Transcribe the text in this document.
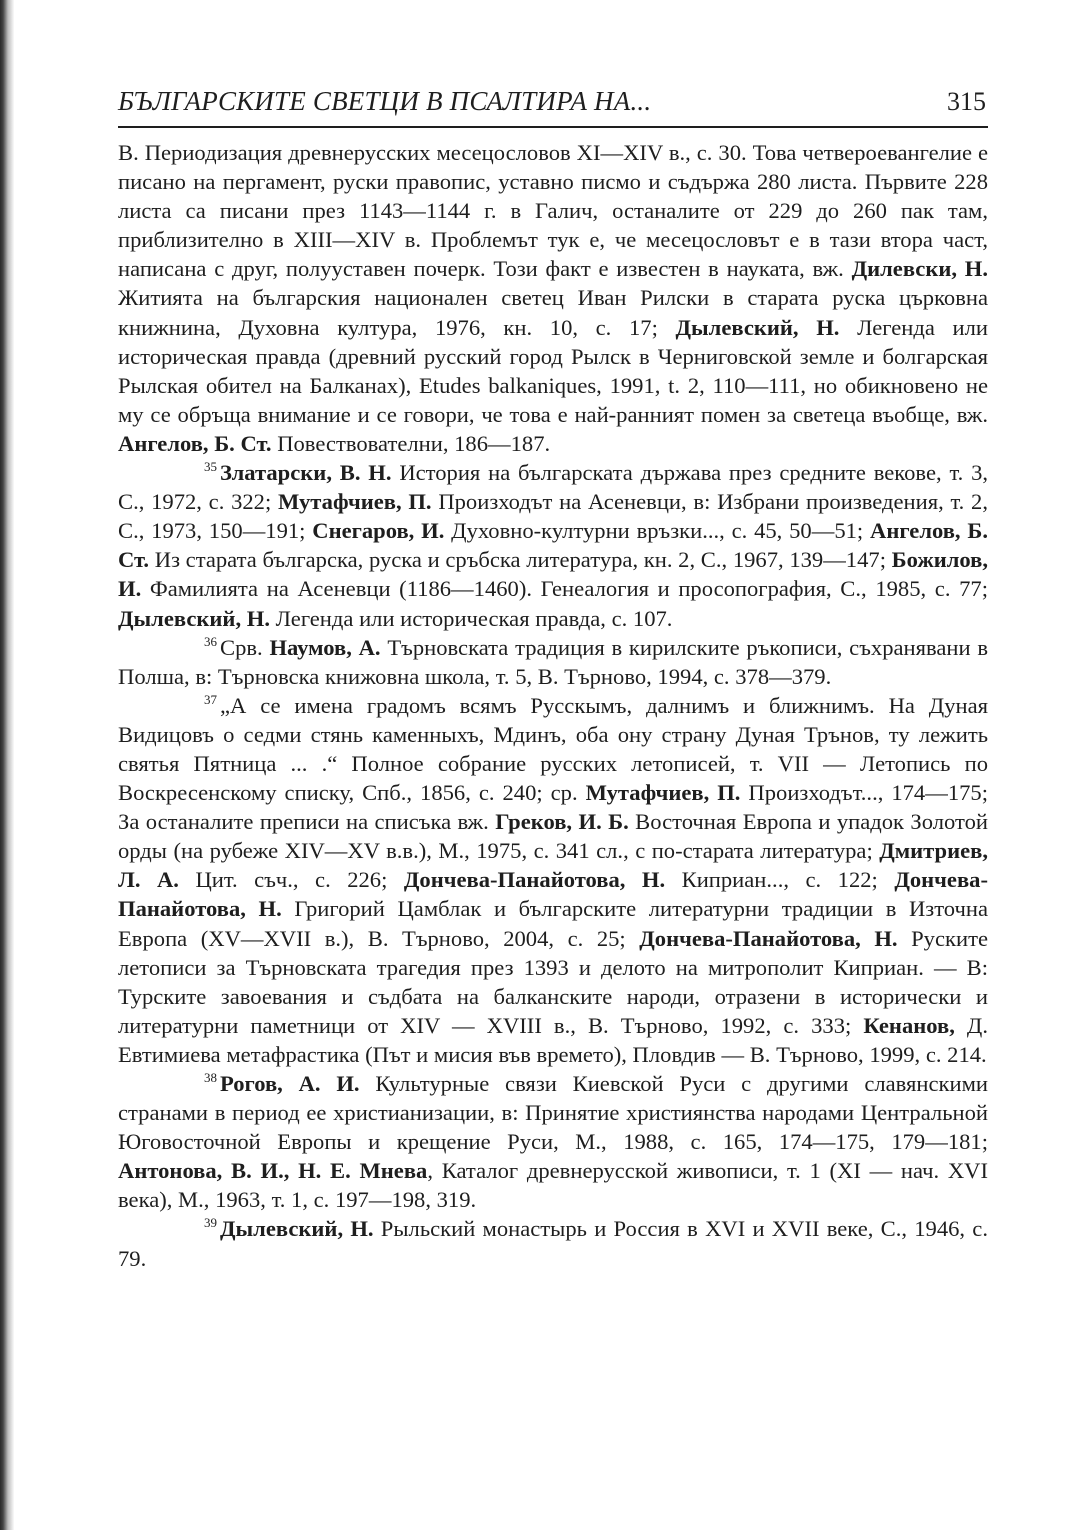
БЪЛГАРСКИТЕ СВЕТЦИ В ПСАЛТИРА НА...	315

В. Периодизация древнерусских месецословов XI—XIV в., с. 30. Това четвероевангелие е писано на пергамент, руски правопис, уставно писмо и съдържа 280 листа. Първите 228 листа са писани през 1143—1144 г. в Галич, останалите от 229 до 260 пак там, приблизително в XIII—XIV в. Проблемът тук е, че месецословът е в тази втора част, написана с друг, полууставен почерк. Този факт е известен в науката, вж. Дилевски, Н. Житията на българския национален светец Иван Рилски в старата руска църковна книжнина, Духовна култура, 1976, кн. 10, с. 17; Дылевский, Н. Легенда или историческая правда (древний русский город Рылск в Черниговской земле и болгарская Рылская обител на Балканах), Etudes balkaniques, 1991, t. 2, 110—111, но обикновено не му се обръща внимание и се говори, че това е най-ранният помен за светеца въобще, вж. Ангелов, Б. Ст. Повествователни, 186—187.

$^{35}$ Златарски, В. Н. История на българската държава през средните векове, т. 3, С., 1972, с. 322; Мутафчиев, П. Произходът на Асеневци, в: Избрани произведения, т. 2, С., 1973, 150—191; Снегаров, И. Духовно-културни връзки..., с. 45, 50—51; Ангелов, Б. Ст. Из старата българска, руска и сръбска литература, кн. 2, С., 1967, 139—147; Божилов, И. Фамилията на Асеневци (1186—1460). Генеалогия и просопография, С., 1985, с. 77; Дылевский, Н. Легенда или историческая правда, с. 107.

$^{36}$ Срв. Наумов, А. Търновската традиция в кирилските ръкописи, съхранявани в Полша, в: Търновска книжовна школа, т. 5, В. Търново, 1994, с. 378—379.

$^{37}$ „А се имена градомъ всямъ Русскымъ, далнимъ и ближнимъ. На Дуная Видицовъ о седми стянь каменныхъ, Мдинъ, оба ону страну Дуная Трънов, ту лежить святья Пятница ... .“ Полное собрание русских летописей, т. VII — Летопись по Воскресенскому списку, Спб., 1856, с. 240; ср. Мутафчиев, П. Произходът..., 174—175; За останалите преписи на списъка вж. Греков, И. Б. Восточная Европа и упадок Золотой орды (на рубеже XIV—XV в.в.), М., 1975, с. 341 сл., с по-старата литература; Дмитриев, Л. А. Цит. съч., с. 226; Дончева-Панайотова, Н. Киприан..., с. 122; Дончева-Панайотова, Н. Григорий Цамблак и българските литературни традиции в Източна Европа (XV—XVII в.), В. Търново, 2004, с. 25; Дончева-Панайотова, Н. Руските летописи за Търновската трагедия през 1393 и делото на митрополит Киприан. — В: Турските завоевания и съдбата на балканските народи, отразени в исторически и литературни паметници от XIV — XVIII в., В. Търново, 1992, с. 333; Кенанов, Д. Евтимиева метафрастика (Път и мисия във времето), Пловдив — В. Търново, 1999, с. 214.

$^{38}$ Рогов, А. И. Культурные связи Киевской Руси с другими славянскими странами в период ее христианизации, в: Принятие християнства народами Центральной Юговосточной Европы и крещение Руси, М., 1988, с. 165, 174—175, 179—181; Антонова, В. И., Н. Е. Мнева, Каталог древнерусской живописи, т. 1 (XI — нач. XVI века), М., 1963, т. 1, с. 197—198, 319.

$^{39}$ Дылевский, Н. Рыльский монастырь и Россия в XVI и XVII веке, С., 1946, с. 79.
